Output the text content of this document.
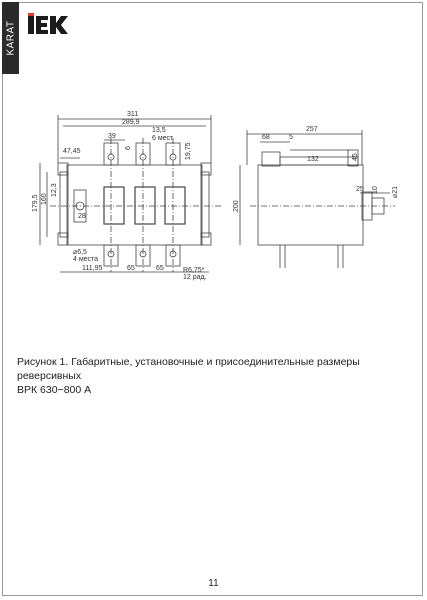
KARAT
311
289,9
39
6
13,5
6 мест
19,75
47,45
179,5 160
12,3
28
⌀6,5
4 места
111,95	65	65	R6,75*
12 рад.
257
68	5
132	45
200
25 10 ⌀21
Рисунок 1. Габаритные, установочные и присоединительные размеры реверсивных
ВРК 630−800 А
11
